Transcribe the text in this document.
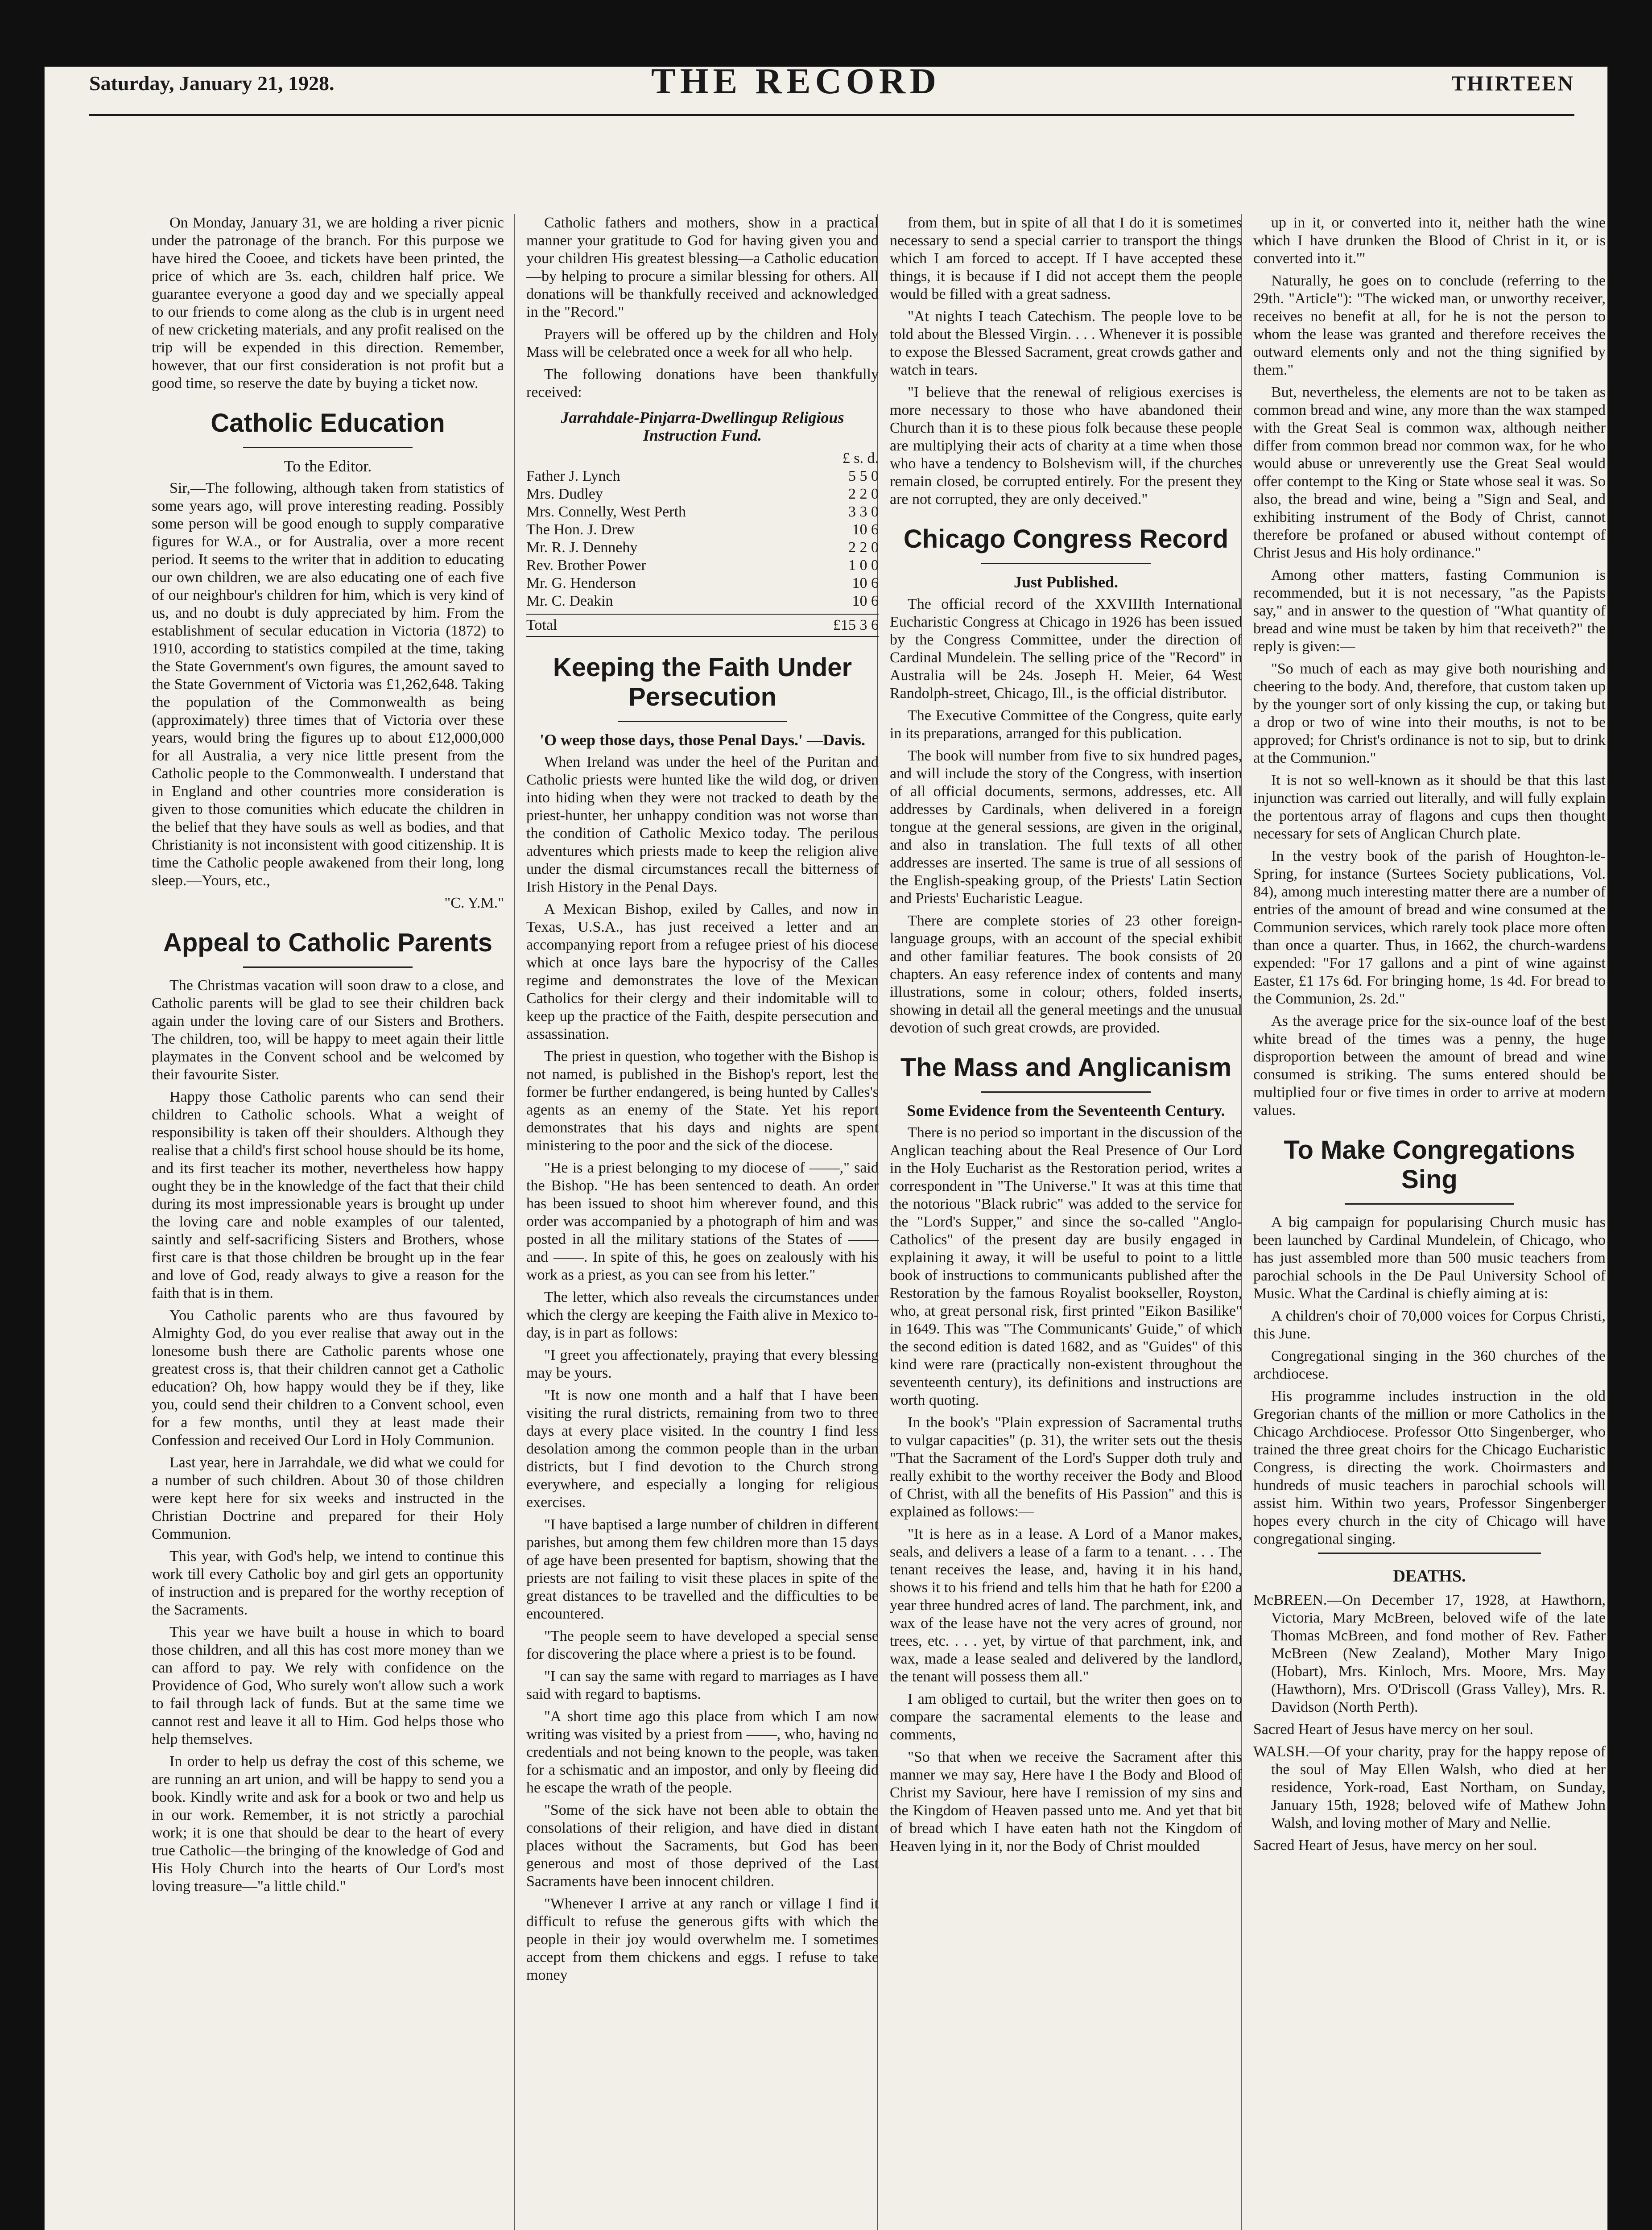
Saturday, January 21, 1928.	THE RECORD	THIRTEEN

On Monday, January 31, we are holding a river picnic under the patronage of the branch. For this purpose we have hired the Cooee, and tickets have been printed, the price of which are 3s. each, children half price. We guarantee everyone a good day and we specially appeal to our friends to come along as the club is in urgent need of new cricketing materials, and any profit realised on the trip will be expended in this direction. Remember, however, that our first consideration is not profit but a good time, so reserve the date by buying a ticket now.

Catholic Education
To the Editor.

Sir,—The following, although taken from statistics of some years ago, will prove interesting reading. Possibly some person will be good enough to supply comparative figures for W.A., or for Australia, over a more recent period. It seems to the writer that in addition to educating our own children, we are also educating one of each five of our neighbour's children for him, which is very kind of us, and no doubt is duly appreciated by him. From the establishment of secular education in Victoria (1872) to 1910, according to statistics compiled at the time, taking the State Government's own figures, the amount saved to the State Government of Victoria was £1,262,648. Taking the population of the Commonwealth as being (approximately) three times that of Victoria over these years, would bring the figures up to about £12,000,000 for all Australia, a very nice little present from the Catholic people to the Commonwealth. I understand that in England and other countries more consideration is given to those comunities which educate the children in the belief that they have souls as well as bodies, and that Christianity is not inconsistent with good citizenship. It is time the Catholic people awakened from their long, long sleep.—Yours, etc.,

"C. Y.M."
Appeal to Catholic Parents

The Christmas vacation will soon draw to a close, and Catholic parents will be glad to see their children back again under the loving care of our Sisters and Brothers. The children, too, will be happy to meet again their little playmates in the Convent school and be welcomed by their favourite Sister.

Happy those Catholic parents who can send their children to Catholic schools. What a weight of responsibility is taken off their shoulders. Although they realise that a child's first school house should be its home, and its first teacher its mother, nevertheless how happy ought they be in the knowledge of the fact that their child during its most impressionable years is brought up under the loving care and noble examples of our talented, saintly and self-sacrificing Sisters and Brothers, whose first care is that those children be brought up in the fear and love of God, ready always to give a reason for the faith that is in them.

You Catholic parents who are thus favoured by Almighty God, do you ever realise that away out in the lonesome bush there are Catholic parents whose one greatest cross is, that their children cannot get a Catholic education? Oh, how happy would they be if they, like you, could send their children to a Convent school, even for a few months, until they at least made their Confession and received Our Lord in Holy Communion.

Last year, here in Jarrahdale, we did what we could for a number of such children. About 30 of those children were kept here for six weeks and instructed in the Christian Doctrine and prepared for their Holy Communion.

This year, with God's help, we intend to continue this work till every Catholic boy and girl gets an opportunity of instruction and is prepared for the worthy reception of the Sacraments.

This year we have built a house in which to board those children, and all this has cost more money than we can afford to pay. We rely with confidence on the Providence of God, Who surely won't allow such a work to fail through lack of funds. But at the same time we cannot rest and leave it all to Him. God helps those who help themselves.

In order to help us defray the cost of this scheme, we are running an art union, and will be happy to send you a book. Kindly write and ask for a book or two and help us in our work. Remember, it is not strictly a parochial work; it is one that should be dear to the heart of every true Catholic—the bringing of the knowledge of God and His Holy Church into the hearts of Our Lord's most loving treasure—"a little child."

Catholic fathers and mothers, show in a practical manner your gratitude to God for having given you and your children His greatest blessing—a Catholic education—by helping to procure a similar blessing for others. All donations will be thankfully received and acknowledged in the "Record."

Prayers will be offered up by the children and Holy Mass will be celebrated once a week for all who help.

The following donations have been thankfully received:

Jarrahdale-Pinjarra-Dwellingup Religious Instruction Fund.
£ s. d.
Father J. Lynch	5 5 0
Mrs. Dudley	2 2 0
Mrs. Connelly, West Perth	3 3 0
The Hon. J. Drew	10 6
Mr. R. J. Dennehy	2 2 0
Rev. Brother Power	1 0 0
Mr. G. Henderson	10 6
Mr. C. Deakin	10 6
Total	£15 3 6
Keeping the Faith Under Persecution
'O weep those days, those Penal Days.' —Davis.

When Ireland was under the heel of the Puritan and Catholic priests were hunted like the wild dog, or driven into hiding when they were not tracked to death by the priest-hunter, her unhappy condition was not worse than the condition of Catholic Mexico today. The perilous adventures which priests made to keep the religion alive under the dismal circumstances recall the bitterness of Irish History in the Penal Days.

A Mexican Bishop, exiled by Calles, and now in Texas, U.S.A., has just received a letter and an accompanying report from a refugee priest of his diocese which at once lays bare the hypocrisy of the Calles regime and demonstrates the love of the Mexican Catholics for their clergy and their indomitable will to keep up the practice of the Faith, despite persecution and assassination.

The priest in question, who together with the Bishop is not named, is published in the Bishop's report, lest the former be further endangered, is being hunted by Calles's agents as an enemy of the State. Yet his report demonstrates that his days and nights are spent ministering to the poor and the sick of the diocese.

"He is a priest belonging to my diocese of ——," said the Bishop. "He has been sentenced to death. An order has been issued to shoot him wherever found, and this order was accompanied by a photograph of him and was posted in all the military stations of the States of —— and ——. In spite of this, he goes on zealously with his work as a priest, as you can see from his letter."

The letter, which also reveals the circumstances under which the clergy are keeping the Faith alive in Mexico to-day, is in part as follows:

"I greet you affectionately, praying that every blessing may be yours.

"It is now one month and a half that I have been visiting the rural districts, remaining from two to three days at every place visited. In the country I find less desolation among the common people than in the urban districts, but I find devotion to the Church strong everywhere, and especially a longing for religious exercises.

"I have baptised a large number of children in different parishes, but among them few children more than 15 days of age have been presented for baptism, showing that the priests are not failing to visit these places in spite of the great distances to be travelled and the difficulties to be encountered.

"The people seem to have developed a special sense for discovering the place where a priest is to be found.

"I can say the same with regard to marriages as I have said with regard to baptisms.

"A short time ago this place from which I am now writing was visited by a priest from ——, who, having no credentials and not being known to the people, was taken for a schismatic and an impostor, and only by fleeing did he escape the wrath of the people.

"Some of the sick have not been able to obtain the consolations of their religion, and have died in distant places without the Sacraments, but God has been generous and most of those deprived of the Last Sacraments have been innocent children.

"Whenever I arrive at any ranch or village I find it difficult to refuse the generous gifts with which the people in their joy would overwhelm me. I sometimes accept from them chickens and eggs. I refuse to take money

from them, but in spite of all that I do it is sometimes necessary to send a special carrier to transport the things which I am forced to accept. If I have accepted these things, it is because if I did not accept them the people would be filled with a great sadness.

"At nights I teach Catechism. The people love to be told about the Blessed Virgin. . . . Whenever it is possible to expose the Blessed Sacrament, great crowds gather and watch in tears.

"I believe that the renewal of religious exercises is more necessary to those who have abandoned their Church than it is to these pious folk because these people are multiplying their acts of charity at a time when those who have a tendency to Bolshevism will, if the churches remain closed, be corrupted entirely. For the present they are not corrupted, they are only deceived."

Chicago Congress Record
Just Published.

The official record of the XXVIIIth International Eucharistic Congress at Chicago in 1926 has been issued by the Congress Committee, under the direction of Cardinal Mundelein. The selling price of the "Record" in Australia will be 24s. Joseph H. Meier, 64 West Randolph-street, Chicago, Ill., is the official distributor.

The Executive Committee of the Congress, quite early in its preparations, arranged for this publication.

The book will number from five to six hundred pages, and will include the story of the Congress, with insertion of all official documents, sermons, addresses, etc. All addresses by Cardinals, when delivered in a foreign tongue at the general sessions, are given in the original, and also in translation. The full texts of all other addresses are inserted. The same is true of all sessions of the English-speaking group, of the Priests' Latin Section and Priests' Eucharistic League.

There are complete stories of 23 other foreign-language groups, with an account of the special exhibit and other familiar features. The book consists of 20 chapters. An easy reference index of contents and many illustrations, some in colour; others, folded inserts, showing in detail all the general meetings and the unusual devotion of such great crowds, are provided.

The Mass and Anglicanism
Some Evidence from the Seventeenth Century.

There is no period so important in the discussion of the Anglican teaching about the Real Presence of Our Lord in the Holy Eucharist as the Restoration period, writes a correspondent in "The Universe." It was at this time that the notorious "Black rubric" was added to the service for the "Lord's Supper," and since the so-called "Anglo-Catholics" of the present day are busily engaged in explaining it away, it will be useful to point to a little book of instructions to communicants published after the Restoration by the famous Royalist bookseller, Royston, who, at great personal risk, first printed "Eikon Basilike" in 1649. This was "The Communicants' Guide," of which the second edition is dated 1682, and as "Guides" of this kind were rare (practically non-existent throughout the seventeenth century), its definitions and instructions are worth quoting.

In the book's "Plain expression of Sacramental truths to vulgar capacities" (p. 31), the writer sets out the thesis "That the Sacrament of the Lord's Supper doth truly and really exhibit to the worthy receiver the Body and Blood of Christ, with all the benefits of His Passion" and this is explained as follows:—

"It is here as in a lease. A Lord of a Manor makes, seals, and delivers a lease of a farm to a tenant. . . . The tenant receives the lease, and, having it in his hand, shows it to his friend and tells him that he hath for £200 a year three hundred acres of land. The parchment, ink, and wax of the lease have not the very acres of ground, nor trees, etc. . . . yet, by virtue of that parchment, ink, and wax, made a lease sealed and delivered by the landlord, the tenant will possess them all."

I am obliged to curtail, but the writer then goes on to compare the sacramental elements to the lease and comments,

"So that when we receive the Sacrament after this manner we may say, Here have I the Body and Blood of Christ my Saviour, here have I remission of my sins and the Kingdom of Heaven passed unto me. And yet that bit of bread which I have eaten hath not the Kingdom of Heaven lying in it, nor the Body of Christ moulded

up in it, or converted into it, neither hath the wine which I have drunken the Blood of Christ in it, or is converted into it.'"

Naturally, he goes on to conclude (referring to the 29th. "Article"): "The wicked man, or unworthy receiver, receives no benefit at all, for he is not the person to whom the lease was granted and therefore receives the outward elements only and not the thing signified by them."

But, nevertheless, the elements are not to be taken as common bread and wine, any more than the wax stamped with the Great Seal is common wax, although neither differ from common bread nor common wax, for he who would abuse or unreverently use the Great Seal would offer contempt to the King or State whose seal it was. So also, the bread and wine, being a "Sign and Seal, and exhibiting instrument of the Body of Christ, cannot therefore be profaned or abused without contempt of Christ Jesus and His holy ordinance."

Among other matters, fasting Communion is recommended, but it is not necessary, "as the Papists say," and in answer to the question of "What quantity of bread and wine must be taken by him that receiveth?" the reply is given:—

"So much of each as may give both nourishing and cheering to the body. And, therefore, that custom taken up by the younger sort of only kissing the cup, or taking but a drop or two of wine into their mouths, is not to be approved; for Christ's ordinance is not to sip, but to drink at the Communion."

It is not so well-known as it should be that this last injunction was carried out literally, and will fully explain the portentous array of flagons and cups then thought necessary for sets of Anglican Church plate.

In the vestry book of the parish of Houghton-le-Spring, for instance (Surtees Society publications, Vol. 84), among much interesting matter there are a number of entries of the amount of bread and wine consumed at the Communion services, which rarely took place more often than once a quarter. Thus, in 1662, the church-wardens expended: "For 17 gallons and a pint of wine against Easter, £1 17s 6d. For bringing home, 1s 4d. For bread to the Communion, 2s. 2d."

As the average price for the six-ounce loaf of the best white bread of the times was a penny, the huge disproportion between the amount of bread and wine consumed is striking. The sums entered should be multiplied four or five times in order to arrive at modern values.

To Make Congregations Sing

A big campaign for popularising Church music has been launched by Cardinal Mundelein, of Chicago, who has just assembled more than 500 music teachers from parochial schools in the De Paul University School of Music. What the Cardinal is chiefly aiming at is:

A children's choir of 70,000 voices for Corpus Christi, this June.

Congregational singing in the 360 churches of the archdiocese.

His programme includes instruction in the old Gregorian chants of the million or more Catholics in the Chicago Archdiocese. Professor Otto Singenberger, who trained the three great choirs for the Chicago Eucharistic Congress, is directing the work. Choirmasters and hundreds of music teachers in parochial schools will assist him. Within two years, Professor Singenberger hopes every church in the city of Chicago will have congregational singing.

DEATHS.

McBREEN.—On December 17, 1928, at Hawthorn, Victoria, Mary McBreen, beloved wife of the late Thomas McBreen, and fond mother of Rev. Father McBreen (New Zealand), Mother Mary Inigo (Hobart), Mrs. Kinloch, Mrs. Moore, Mrs. May (Hawthorn), Mrs. O'Driscoll (Grass Valley), Mrs. R. Davidson (North Perth).

Sacred Heart of Jesus have mercy on her soul.

WALSH.—Of your charity, pray for the happy repose of the soul of May Ellen Walsh, who died at her residence, York-road, East Northam, on Sunday, January 15th, 1928; beloved wife of Mathew John Walsh, and loving mother of Mary and Nellie.

Sacred Heart of Jesus, have mercy on her soul.
